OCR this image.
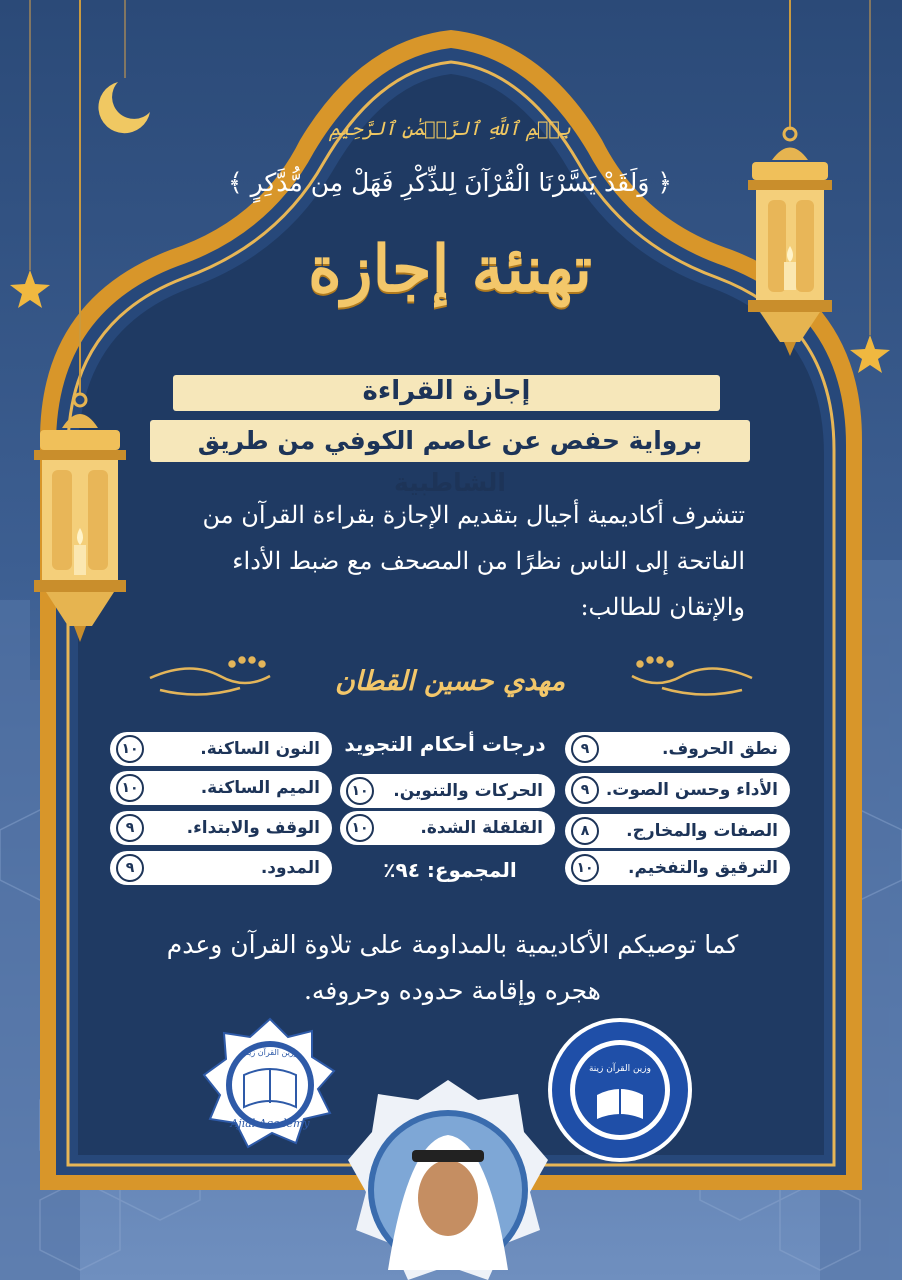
بِسۡمِ ٱللَّهِ ٱلرَّحۡمَٰنِ ٱلرَّحِيمِ
﴿ وَلَقَدْ يَسَّرْنَا الْقُرْآنَ لِلذِّكْرِ فَهَلْ مِن مُّدَّكِرٍ ﴾
تهنئة إجازة
إجازة القراءة
برواية حفص عن عاصم الكوفي من طريق الشاطبية
تتشرف أكاديمية أجيال بتقديم الإجازة بقراءة القرآن من الفاتحة إلى الناس نظرًا من المصحف مع ضبط الأداء والإتقان للطالب:
مهدي حسين القطان
درجات أحكام التجويد	نطق الحروف.
٩
الأداء وحسن الصوت.
٩
الصفات والمخارج.
٨
الترقيق والتفخيم.
١٠
الحركات والتنوين.
١٠
القلقلة الشدة.
١٠
المجموع: ٩٤٪
النون الساكنة.
١٠
الميم الساكنة.
١٠
الوقف والابتداء.
٩
المدود.
٩
كما توصيكم الأكاديمية بالمداومة على تلاوة القرآن وعدم هجره وإقامة حدوده وحروفه.
Ajial Academy
وزين القرآن زينة
وزين القرآن زينة
